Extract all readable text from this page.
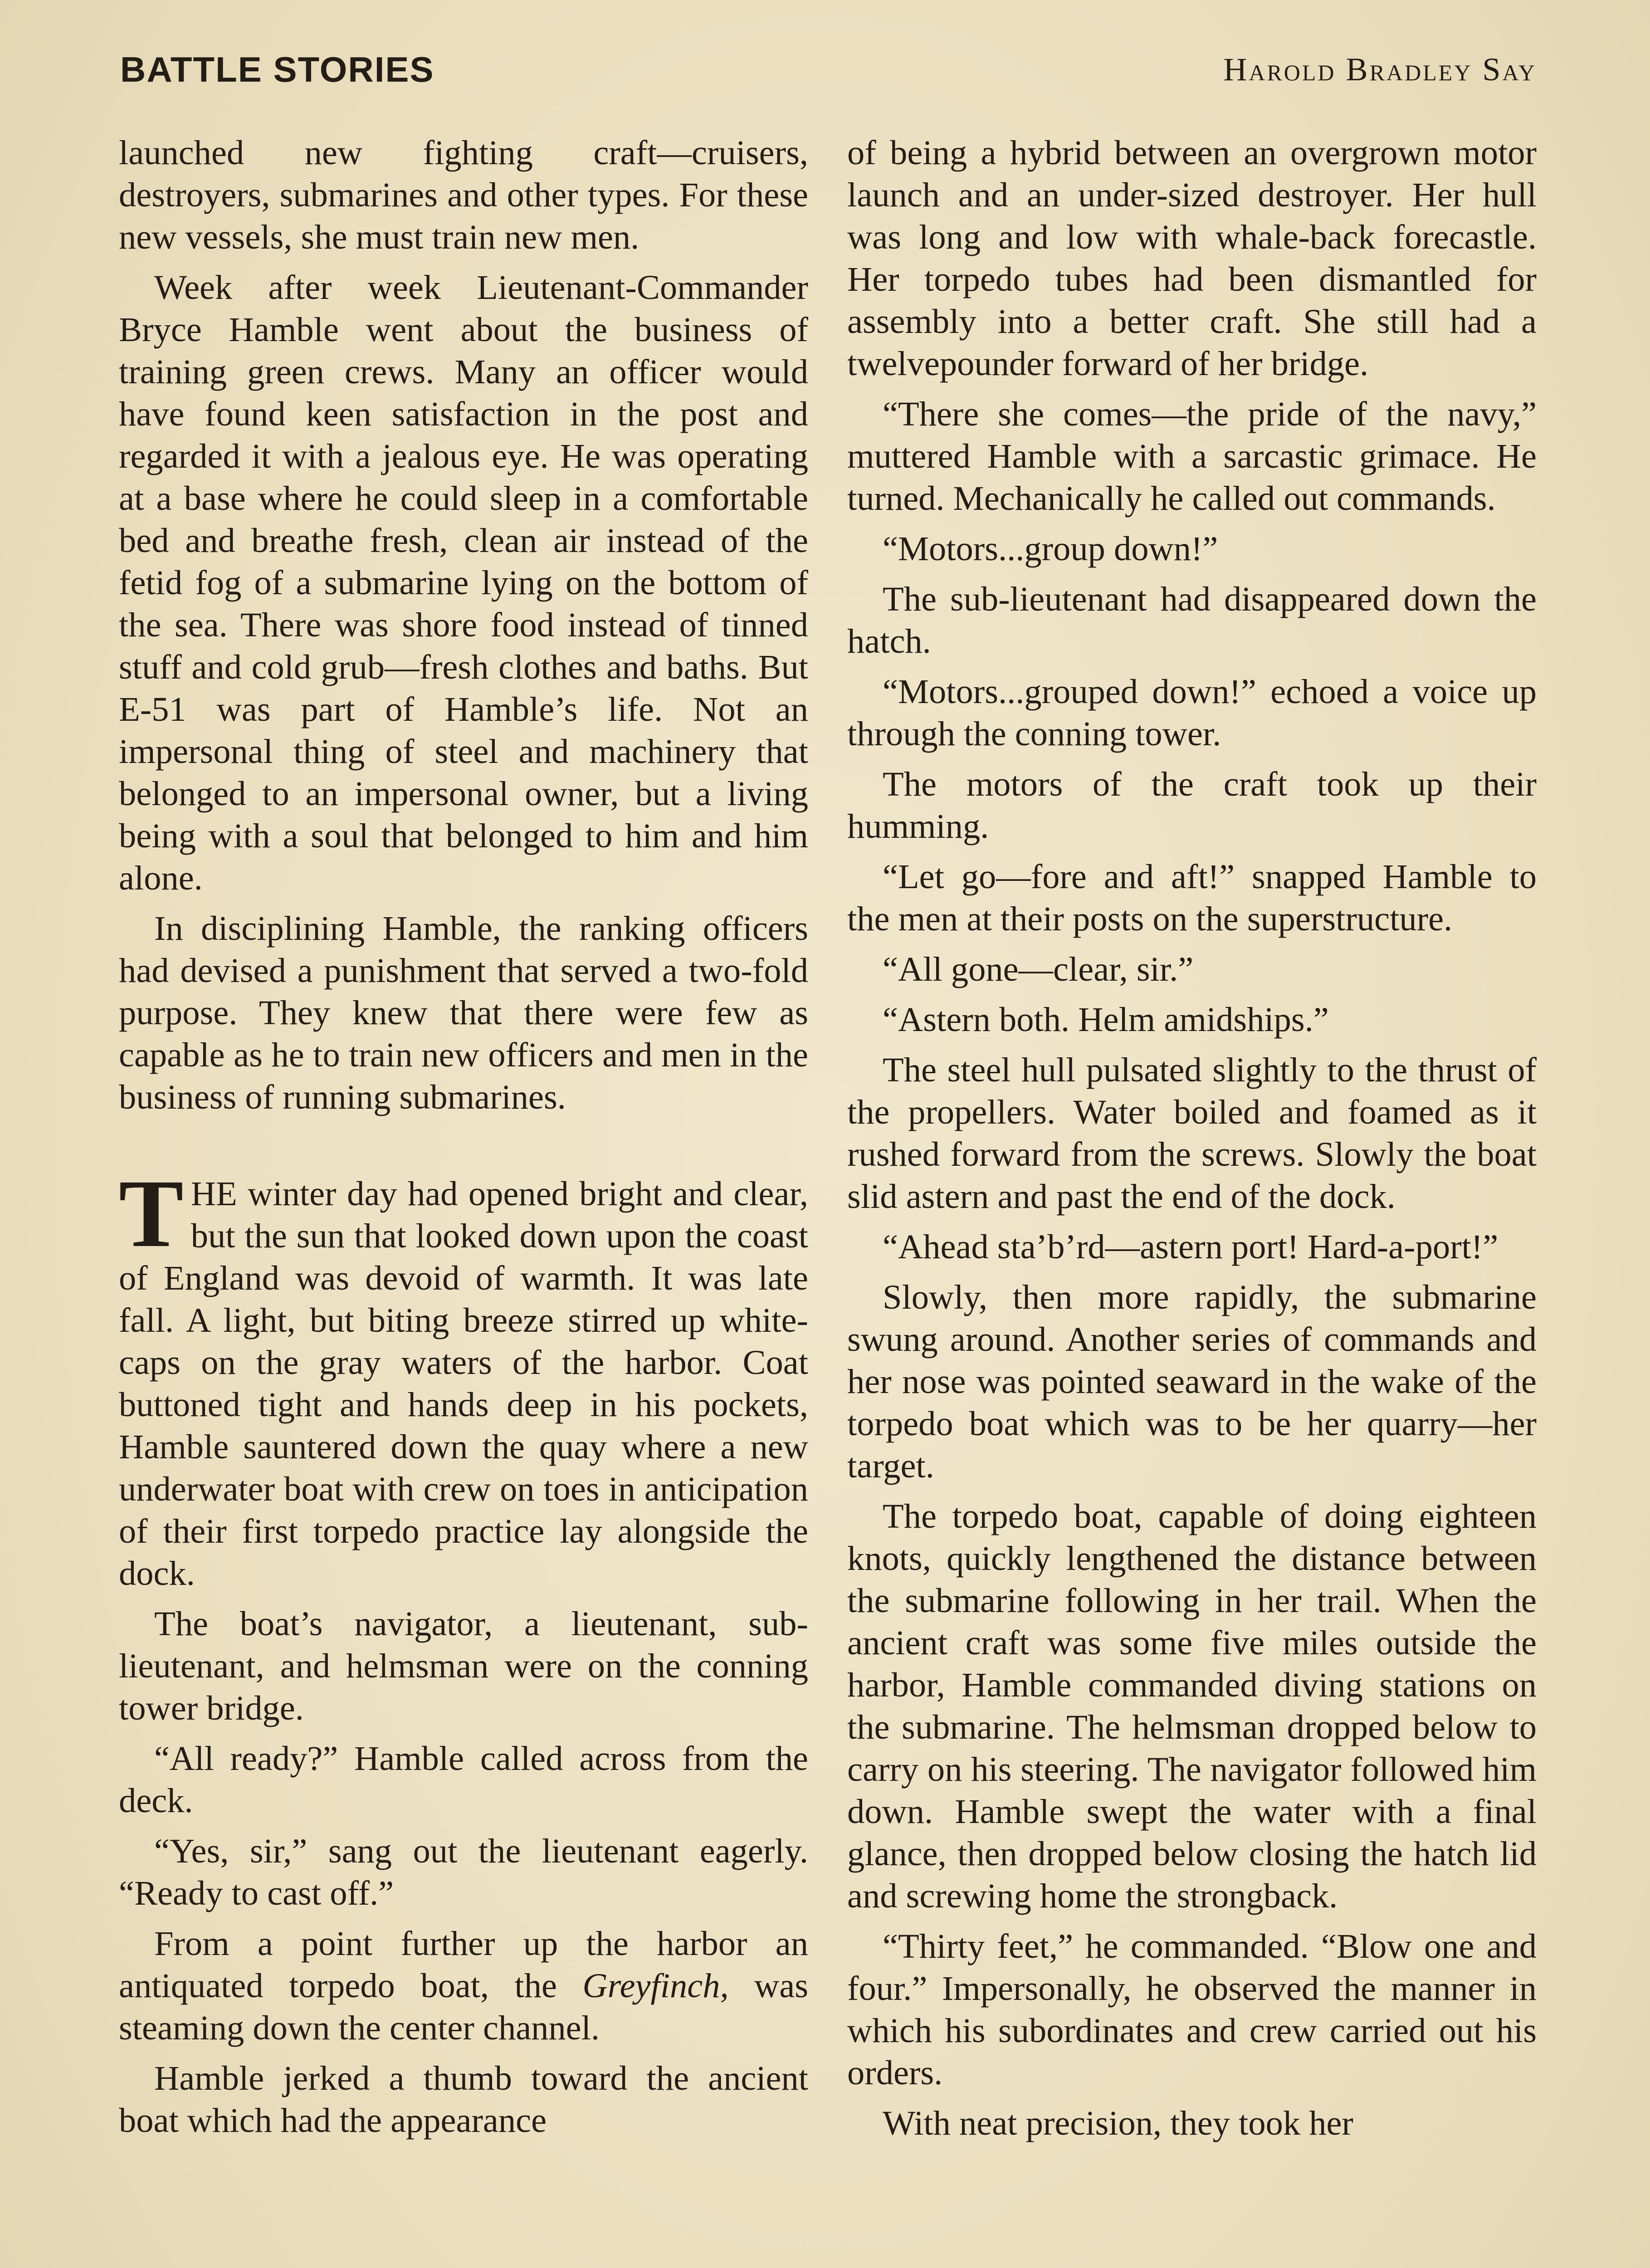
BATTLE STORIES	Harold Bradley Say

launched new fighting craft—cruisers, destroyers, submarines and other types. For these new vessels, she must train new men.

Week after week Lieutenant-Commander Bryce Hamble went about the business of training green crews. Many an officer would have found keen satisfaction in the post and regarded it with a jealous eye. He was operating at a base where he could sleep in a comfortable bed and breathe fresh, clean air instead of the fetid fog of a submarine lying on the bottom of the sea. There was shore food instead of tinned stuff and cold grub—fresh clothes and baths. But E-51 was part of Hamble’s life. Not an impersonal thing of steel and machinery that belonged to an impersonal owner, but a living being with a soul that belonged to him and him alone.

In disciplining Hamble, the ranking officers had devised a punishment that served a two-fold purpose. They knew that there were few as capable as he to train new officers and men in the business of running submarines.

THE winter day had opened bright and clear, but the sun that looked down upon the coast of England was devoid of warmth. It was late fall. A light, but biting breeze stirred up whitecaps on the gray waters of the harbor. Coat buttoned tight and hands deep in his pockets, Hamble sauntered down the quay where a new underwater boat with crew on toes in anticipation of their first torpedo practice lay alongside the dock.

The boat’s navigator, a lieutenant, sub-lieutenant, and helmsman were on the conning tower bridge.

“All ready?” Hamble called across from the deck.

“Yes, sir,” sang out the lieutenant eagerly. “Ready to cast off.”

From a point further up the harbor an antiquated torpedo boat, the Greyfinch, was steaming down the center channel.

Hamble jerked a thumb toward the ancient boat which had the appearance

of being a hybrid between an overgrown motor launch and an under-sized destroyer. Her hull was long and low with whale-back forecastle. Her torpedo tubes had been dismantled for assembly into a better craft. She still had a twelvepounder forward of her bridge.

“There she comes—the pride of the navy,” muttered Hamble with a sarcastic grimace. He turned. Mechanically he called out commands.

“Motors...group down!”

The sub-lieutenant had disappeared down the hatch.

“Motors...grouped down!” echoed a voice up through the conning tower.

The motors of the craft took up their humming.

“Let go—fore and aft!” snapped Hamble to the men at their posts on the superstructure.

“All gone—clear, sir.”

“Astern both. Helm amidships.”

The steel hull pulsated slightly to the thrust of the propellers. Water boiled and foamed as it rushed forward from the screws. Slowly the boat slid astern and past the end of the dock.

“Ahead sta’b’rd—astern port! Hard-a-port!”

Slowly, then more rapidly, the submarine swung around. Another series of commands and her nose was pointed seaward in the wake of the torpedo boat which was to be her quarry—her target.

The torpedo boat, capable of doing eighteen knots, quickly lengthened the distance between the submarine following in her trail. When the ancient craft was some five miles outside the harbor, Hamble commanded diving stations on the submarine. The helmsman dropped below to carry on his steering. The navigator followed him down. Hamble swept the water with a final glance, then dropped below closing the hatch lid and screwing home the strongback.

“Thirty feet,” he commanded. “Blow one and four.” Impersonally, he observed the manner in which his subordinates and crew carried out his orders.

With neat precision, they took her
